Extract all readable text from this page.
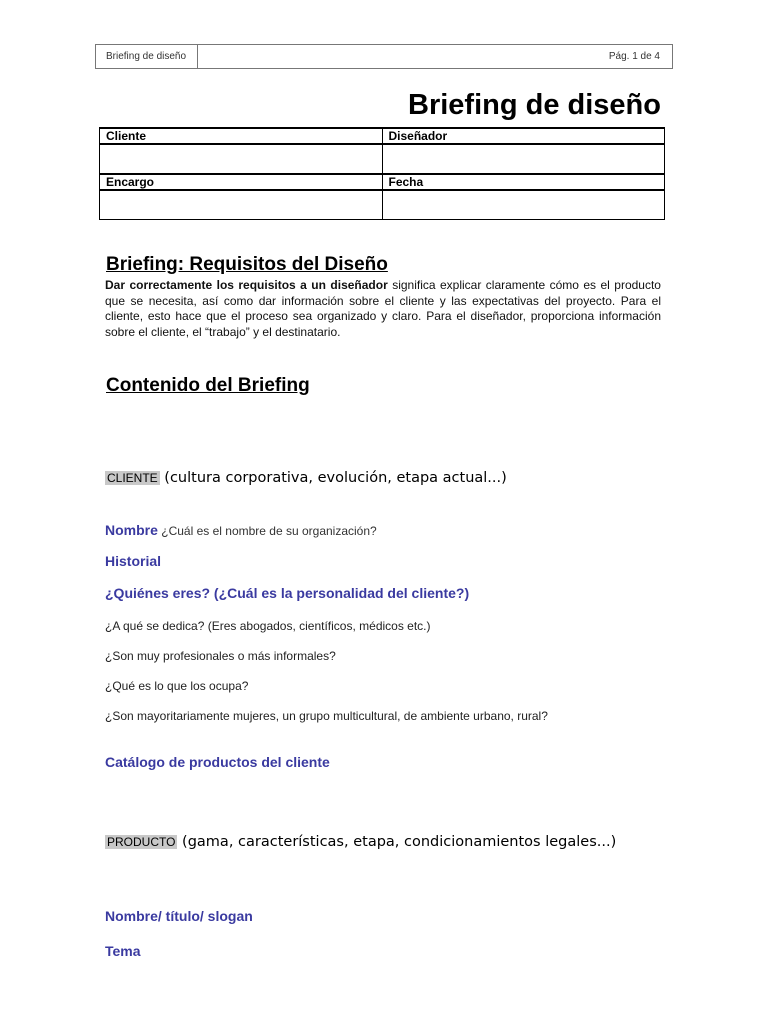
Briefing de diseño	Pág. 1 de 4
Briefing de diseño
Cliente	Diseñador

Encargo	Fecha

Briefing: Requisitos del Diseño

Dar correctamente los requisitos a un diseñador significa explicar claramente cómo es el producto que se necesita, así como dar información sobre el cliente y las expectativas del proyecto. Para el cliente, esto hace que el proceso sea organizado y claro. Para el diseñador, proporciona información sobre el cliente, el “trabajo” y el destinatario.

Contenido del Briefing
CLIENTE (cultura corporativa, evolución, etapa actual...)

Nombre ¿Cuál es el nombre de su organización?

Historial

¿Quiénes eres? (¿Cuál es la personalidad del cliente?)

¿A qué se dedica? (Eres abogados, científicos, médicos etc.)

¿Son muy profesionales o más informales?

¿Qué es lo que los ocupa?

¿Son mayoritariamente mujeres, un grupo multicultural, de ambiente urbano, rural?

Catálogo de productos del cliente

PRODUCTO (gama, características, etapa, condicionamientos legales...)

Nombre/ título/ slogan

Tema
